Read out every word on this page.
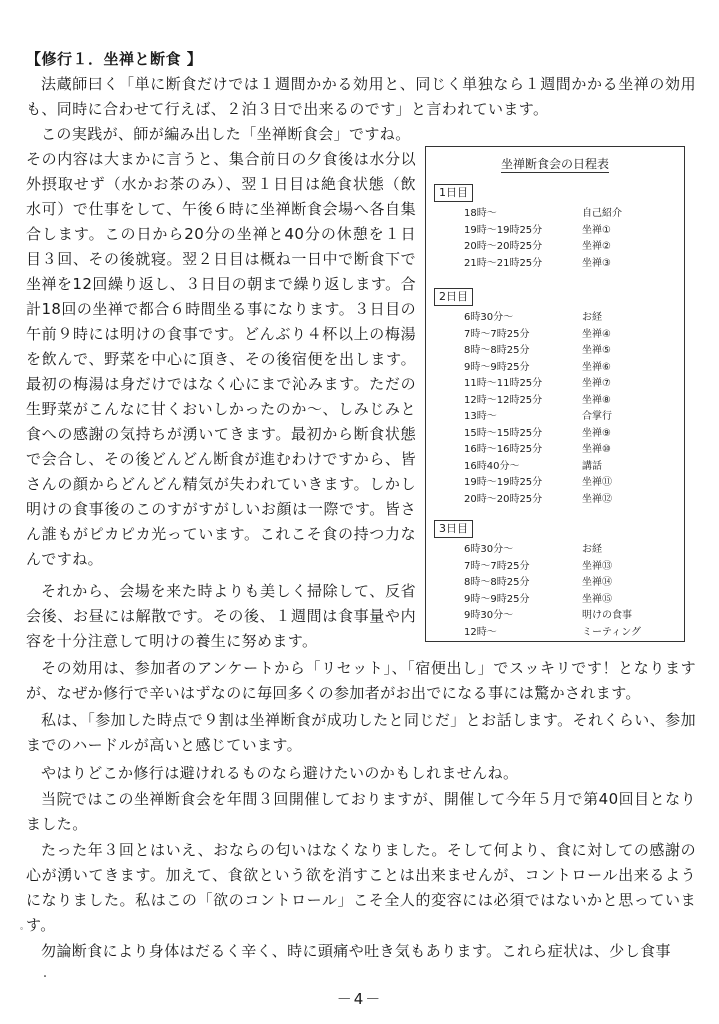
【修行１．坐禅と断食 】

法蔵師曰く「単に断食だけでは１週間かかる効用と、同じく単独なら１週間かかる坐禅の効用も、同時に合わせて行えば、２泊３日で出来るのです」と言われています。

この実践が、師が編み出した「坐禅断食会」ですね。

その内容は大まかに言うと、集合前日の夕食後は水分以外摂取せず（水かお茶のみ）、翌１日目は絶食状態（飲水可）で仕事をして、午後６時に坐禅断食会場へ各自集合します。この日から20分の坐禅と40分の休憩を１日目３回、その後就寝。翌２日目は概ね一日中で断食下で坐禅を12回繰り返し、３日目の朝まで繰り返します。合計18回の坐禅で都合６時間坐る事になります。３日目の午前９時には明けの食事です。どんぶり４杯以上の梅湯を飲んで、野菜を中心に頂き、その後宿便を出します。最初の梅湯は身だけではなく心にまで沁みます。ただの生野菜がこんなに甘くおいしかったのか～、しみじみと食への感謝の気持ちが湧いてきます。最初から断食状態で会合し、その後どんどん断食が進むわけですから、皆さんの顔からどんどん精気が失われていきます。しかし明けの食事後のこのすがすがしいお顔は一際です。皆さん誰もがピカピカ光っています。これこそ食の持つ力なんですね。

それから、会場を来た時よりも美しく掃除して、反省会後、お昼には解散です。その後、１週間は食事量や内容を十分注意して明けの養生に努めます。

その効用は、参加者のアンケートから「リセット」、「宿便出し」でスッキリです！となりますが、なぜか修行で辛いはずなのに毎回多くの参加者がお出でになる事には驚かされます。

私は、「参加した時点で９割は坐禅断食が成功したと同じだ」とお話します。それくらい、参加までのハードルが高いと感じています。

やはりどこか修行は避けれるものなら避けたいのかもしれませんね。

当院ではこの坐禅断食会を年間３回開催しておりますが、開催して今年５月で第40回目となりました。

たった年３回とはいえ、おならの匂いはなくなりました。そして何より、食に対しての感謝の心が湧いてきます。加えて、食欲という欲を消すことは出来ませんが、コントロール出来るようになりました。私はこの「欲のコントロール」こそ全人的変容には必須ではないかと思っています。

勿論断食により身体はだるく辛く、時に頭痛や吐き気もあります。これら症状は、少し食事

坐禅断食会の日程表
1日目
18時～	自己紹介
19時～19時25分	坐禅①
20時～20時25分	坐禅②
21時～21時25分	坐禅③
2日目
6時30分～	お経
7時～7時25分	坐禅④
8時～8時25分	坐禅⑤
9時～9時25分	坐禅⑥
11時～11時25分	坐禅⑦
12時～12時25分	坐禅⑧
13時～	合掌行
15時～15時25分	坐禅⑨
16時～16時25分	坐禅⑩
16時40分～	講話
19時～19時25分	坐禅⑪
20時～20時25分	坐禅⑫
3日目
6時30分～	お経
7時～7時25分	坐禅⑬
8時～8時25分	坐禅⑭
9時～9時25分	坐禅⑮
9時30分～	明けの食事
12時～	ミーティング
－4－
ﾟ
・
